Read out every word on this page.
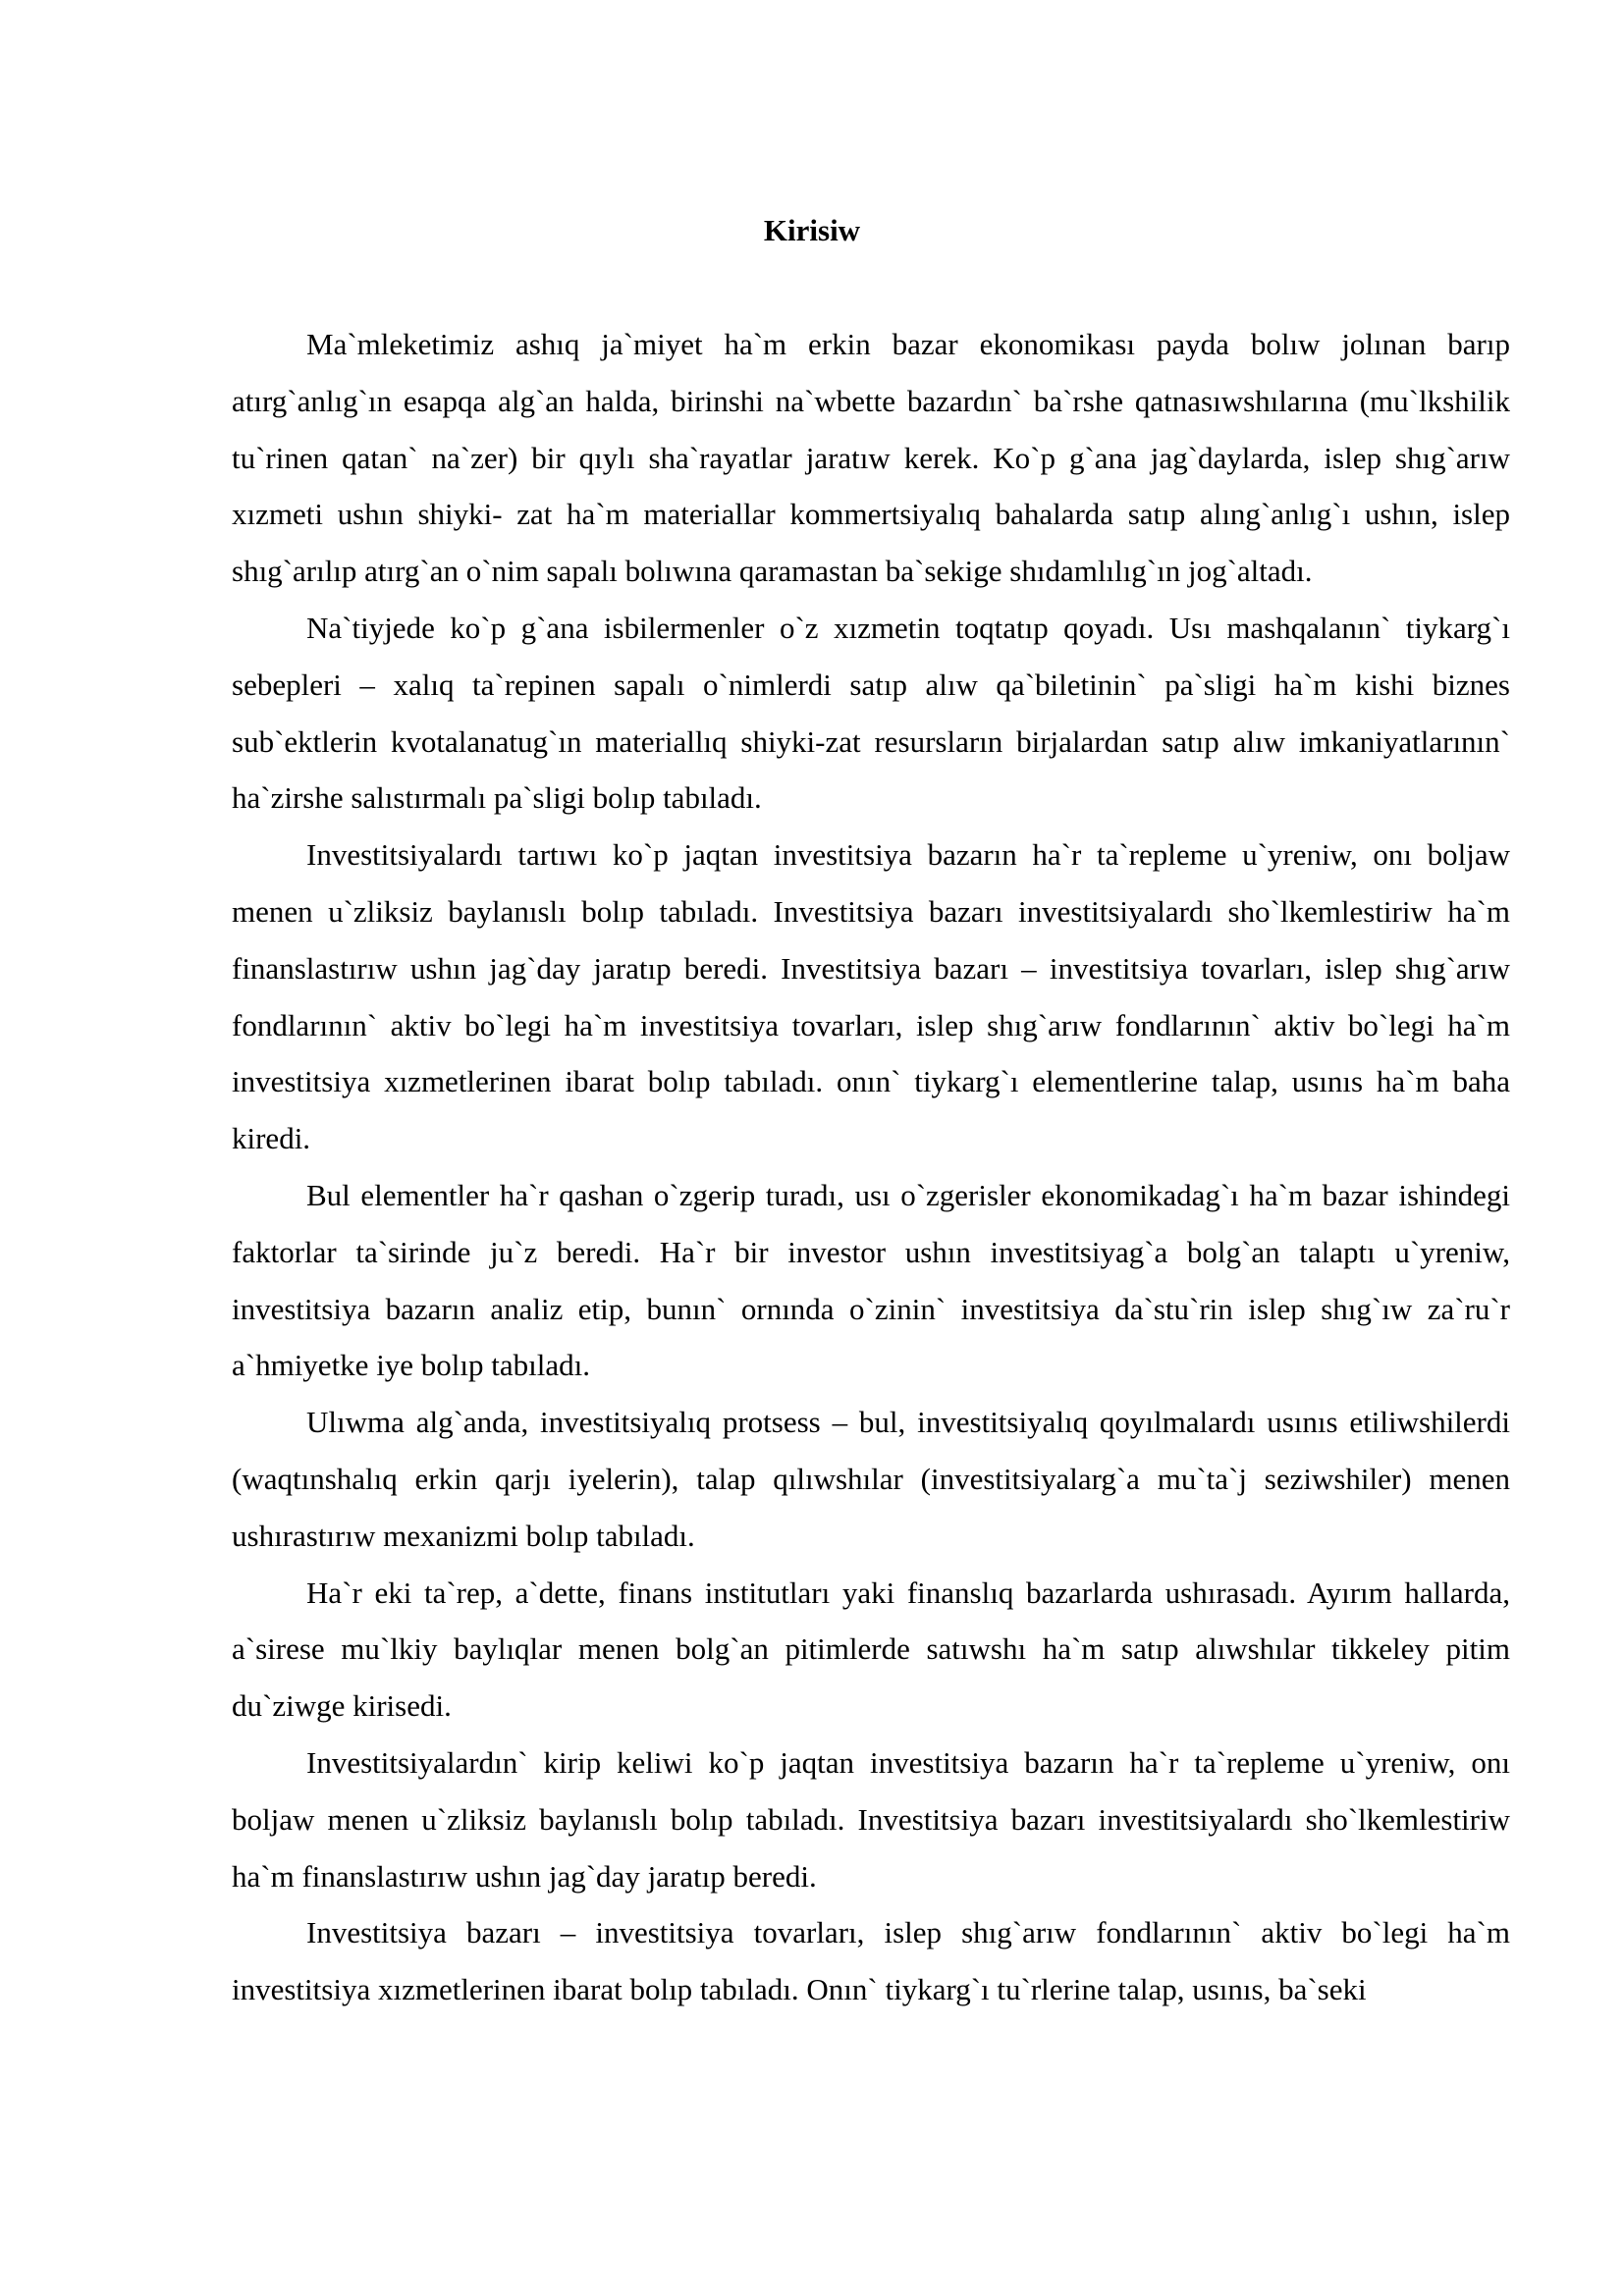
Kirisiw

Ma`mleketimiz ashıq ja`miyet ha`m erkin bazar ekonomikası payda bolıw jolınan barıp atırg`anlıg`ın esapqa alg`an halda, birinshi na`wbette bazardın` ba`rshe qatnasıwshılarına (mu`lkshilik tu`rinen qatan` na`zer) bir qıylı sha`rayatlar jaratıw kerek. Ko`p g`ana jag`daylarda, islep shıg`arıw xızmeti ushın shiyki- zat ha`m materiallar kommertsiyalıq bahalarda satıp alıng`anlıg`ı ushın, islep shıg`arılıp atırg`an o`nim sapalı bolıwına qaramastan ba`sekige shıdamlılıg`ın jog`altadı.

Na`tiyjede ko`p g`ana isbilermenler o`z xızmetin toqtatıp qoyadı. Usı mashqalanın` tiykarg`ı sebepleri – xalıq ta`repinen sapalı o`nimlerdi satıp alıw qa`biletinin` pa`sligi ha`m kishi biznes sub`ektlerin kvotalanatug`ın materiallıq shiyki-zat resursların birjalardan satıp alıw imkaniyatlarının` ha`zirshe salıstırmalı pa`sligi bolıp tabıladı.

Investitsiyalardı tartıwı ko`p jaqtan investitsiya bazarın ha`r ta`repleme u`yreniw, onı boljaw menen u`zliksiz baylanıslı bolıp tabıladı. Investitsiya bazarı investitsiyalardı sho`lkemlestiriw ha`m finanslastırıw ushın jag`day jaratıp beredi. Investitsiya bazarı – investitsiya tovarları, islep shıg`arıw fondlarının` aktiv bo`legi ha`m investitsiya tovarları, islep shıg`arıw fondlarının` aktiv bo`legi ha`m investitsiya xızmetlerinen ibarat bolıp tabıladı. onın` tiykarg`ı elementlerine talap, usınıs ha`m baha kiredi.

Bul elementler ha`r qashan o`zgerip turadı, usı o`zgerisler ekonomikadag`ı ha`m bazar ishindegi faktorlar ta`sirinde ju`z beredi. Ha`r bir investor ushın investitsiyag`a bolg`an talaptı u`yreniw, investitsiya bazarın analiz etip, bunın` ornında o`zinin` investitsiya da`stu`rin islep shıg`ıw za`ru`r a`hmiyetke iye bolıp tabıladı.

Ulıwma alg`anda, investitsiyalıq protsess – bul, investitsiyalıq qoyılmalardı usınıs etiliwshilerdi (waqtınshalıq erkin qarjı iyelerin), talap qılıwshılar (investitsiyalarg`a mu`ta`j seziwshiler) menen ushırastırıw mexanizmi bolıp tabıladı.

Ha`r eki ta`rep, a`dette, finans institutları yaki finanslıq bazarlarda ushırasadı. Ayırım hallarda, a`sirese mu`lkiy baylıqlar menen bolg`an pitimlerde satıwshı ha`m satıp alıwshılar tikkeley pitim du`ziwge kirisedi.

Investitsiyalardın` kirip keliwi ko`p jaqtan investitsiya bazarın ha`r ta`repleme u`yreniw, onı boljaw menen u`zliksiz baylanıslı bolıp tabıladı. Investitsiya bazarı investitsiyalardı sho`lkemlestiriw ha`m finanslastırıw ushın jag`day jaratıp beredi.

Investitsiya bazarı – investitsiya tovarları, islep shıg`arıw fondlarının` aktiv bo`legi ha`m investitsiya xızmetlerinen ibarat bolıp tabıladı. Onın` tiykarg`ı tu`rlerine talap, usınıs, ba`seki
